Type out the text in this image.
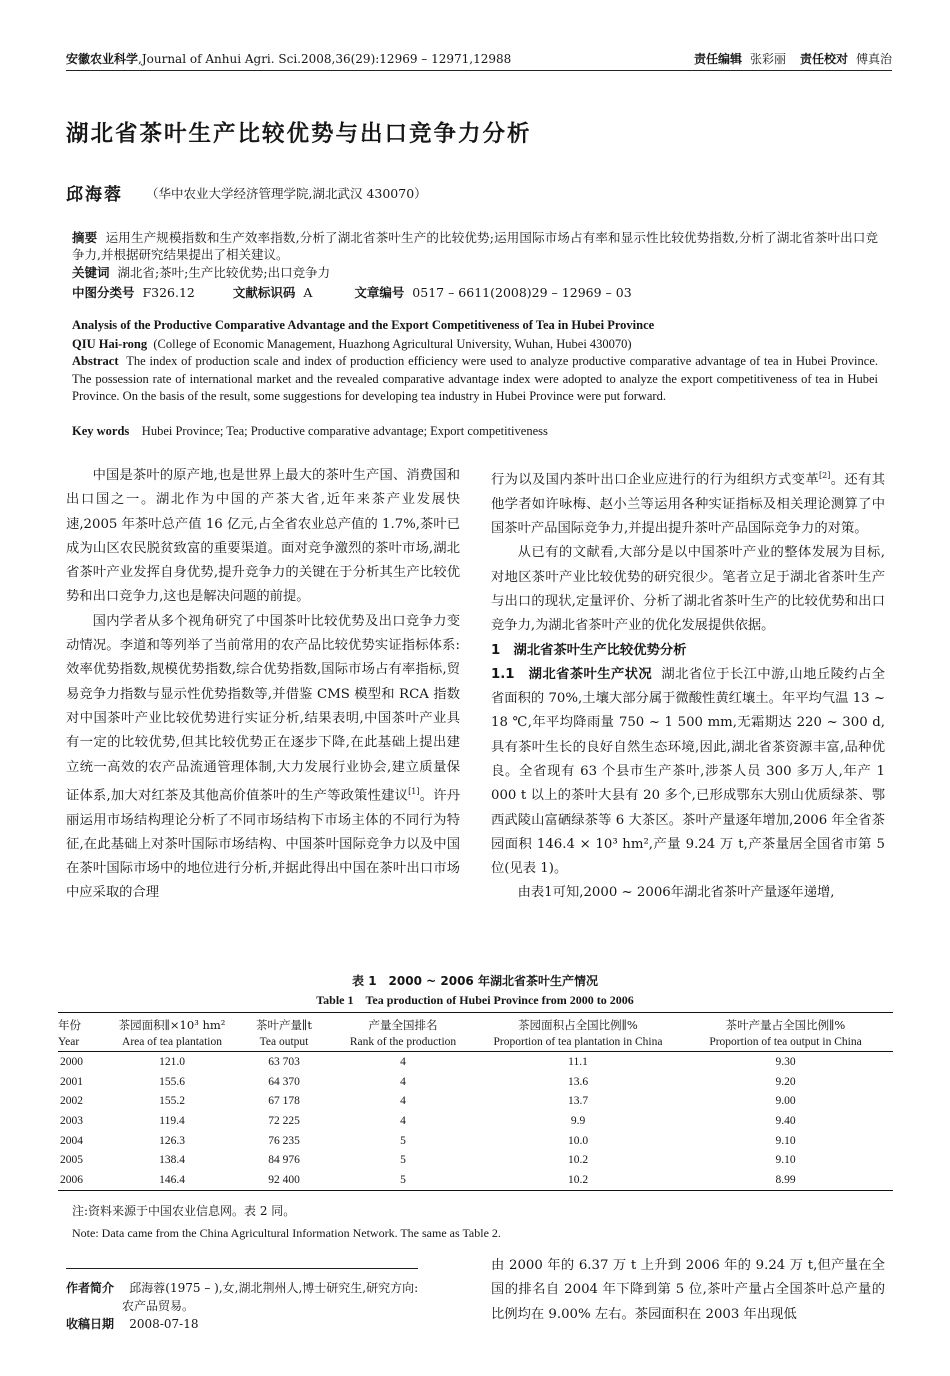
安徽农业科学,Journal of Anhui Agri. Sci.2008,36(29):12969 – 12971,12988	责任编辑 张彩丽 责任校对 傅真治
湖北省茶叶生产比较优势与出口竞争力分析
邱海蓉 （华中农业大学经济管理学院,湖北武汉 430070）
摘要 运用生产规模指数和生产效率指数,分析了湖北省茶叶生产的比较优势;运用国际市场占有率和显示性比较优势指数,分析了湖北省茶叶出口竞争力,并根据研究结果提出了相关建议。
关键词 湖北省;茶叶;生产比较优势;出口竞争力
中图分类号 F326.12	文献标识码 A	文章编号 0517 – 6611(2008)29 – 12969 – 03
Analysis of the Productive Comparative Advantage and the Export Competitiveness of Tea in Hubei Province
QIU Hai-rong (College of Economic Management, Huazhong Agricultural University, Wuhan, Hubei 430070)
Abstract The index of production scale and index of production efficiency were used to analyze productive comparative advantage of tea in Hubei Province. The possession rate of international market and the revealed comparative advantage index were adopted to analyze the export competitiveness of tea in Hubei Province. On the basis of the result, some suggestions for developing tea industry in Hubei Province were put forward.
Key words Hubei Province; Tea; Productive comparative advantage; Export competitiveness

中国是茶叶的原产地,也是世界上最大的茶叶生产国、消费国和出口国之一。湖北作为中国的产茶大省,近年来茶产业发展快速,2005 年茶叶总产值 16 亿元,占全省农业总产值的 1.7%,茶叶已成为山区农民脱贫致富的重要渠道。面对竞争激烈的茶叶市场,湖北省茶叶产业发挥自身优势,提升竞争力的关键在于分析其生产比较优势和出口竞争力,这也是解决问题的前提。

国内学者从多个视角研究了中国茶叶比较优势及出口竞争力变动情况。李道和等列举了当前常用的农产品比较优势实证指标体系:效率优势指数,规模优势指数,综合优势指数,国际市场占有率指标,贸易竞争力指数与显示性优势指数等,并借鉴 CMS 模型和 RCA 指数对中国茶叶产业比较优势进行实证分析,结果表明,中国茶叶产业具有一定的比较优势,但其比较优势正在逐步下降,在此基础上提出建立统一高效的农产品流通管理体制,大力发展行业协会,建立质量保证体系,加大对红茶及其他高价值茶叶的生产等政策性建议[1]。许丹丽运用市场结构理论分析了不同市场结构下市场主体的不同行为特征,在此基础上对茶叶国际市场结构、中国茶叶国际竞争力以及中国在茶叶国际市场中的地位进行分析,并据此得出中国在茶叶出口市场中应采取的合理

行为以及国内茶叶出口企业应进行的行为组织方式变革[2]。还有其他学者如许咏梅、赵小兰等运用各种实证指标及相关理论测算了中国茶叶产品国际竞争力,并提出提升茶叶产品国际竞争力的对策。

从已有的文献看,大部分是以中国茶叶产业的整体发展为目标,对地区茶叶产业比较优势的研究很少。笔者立足于湖北省茶叶生产与出口的现状,定量评价、分析了湖北省茶叶生产的比较优势和出口竞争力,为湖北省茶叶产业的优化发展提供依据。

1　湖北省茶叶生产比较优势分析

1.1　湖北省茶叶生产状况 湖北省位于长江中游,山地丘陵约占全省面积的 70%,土壤大部分属于微酸性黄红壤土。年平均气温 13 ~ 18 ℃,年平均降雨量 750 ~ 1 500 mm,无霜期达 220 ~ 300 d,具有茶叶生长的良好自然生态环境,因此,湖北省茶资源丰富,品种优良。全省现有 63 个县市生产茶叶,涉茶人员 300 多万人,年产 1 000 t 以上的茶叶大县有 20 多个,已形成鄂东大别山优质绿茶、鄂西武陵山富硒绿茶等 6 大茶区。茶叶产量逐年增加,2006 年全省茶园面积 146.4 × 10³ hm²,产量 9.24 万 t,产茶量居全国省市第 5 位(见表 1)。

由表1可知,2000 ~ 2006年湖北省茶叶产量逐年递增,

表 1　2000 ~ 2006 年湖北省茶叶生产情况
Table 1　Tea production of Hubei Province from 2000 to 2006
年份	茶园面积∥×10³ hm²	茶叶产量∥t	产量全国排名	茶园面积占全国比例∥%	茶叶产量占全国比例∥%
Year	Area of tea plantation	Tea output	Rank of the production	Proportion of tea plantation in China	Proportion of tea output in China
2000	121.0	63 703	4	11.1	9.30
2001	155.6	64 370	4	13.6	9.20
2002	155.2	67 178	4	13.7	9.00
2003	119.4	72 225	4	9.9	9.40
2004	126.3	76 235	5	10.0	9.10
2005	138.4	84 976	5	10.2	9.10
2006	146.4	92 400	5	10.2	8.99
注:资料来源于中国农业信息网。表 2 同。
Note: Data came from the China Agricultural Information Network. The same as Table 2.
作者简介 邱海蓉(1975 – ),女,湖北荆州人,博士研究生,研究方向:
农产品贸易。
收稿日期 2008-07-18

由 2000 年的 6.37 万 t 上升到 2006 年的 9.24 万 t,但产量在全国的排名自 2004 年下降到第 5 位,茶叶产量占全国茶叶总产量的比例均在 9.00% 左右。茶园面积在 2003 年出现低
